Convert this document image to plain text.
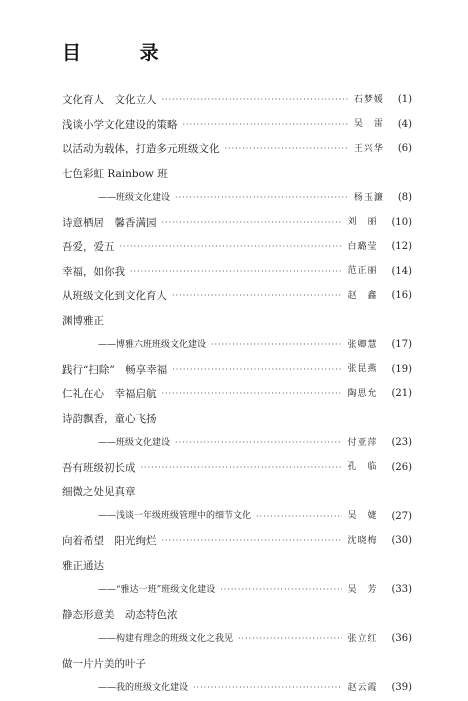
目 录
文化育人　文化立人 ·····	石梦媛	(1)
浅谈小学文化建设的策略 ·····	吴　雷	(4)
以活动为载体，打造多元班级文化 ·····	王兴华	(6)
七色彩虹 Rainbow 班
——班级文化建设 ·····	杨玉濂	(8)
诗意栖居　馨香满园 ·····	刘　丽	(10)
吾爱，爱五 ·····	白璐莹	(12)
幸福，如你我 ·····	范正丽	(14)
从班级文化到文化育人 ·····	赵　鑫	(16)
渊博雅正
——博雅六班班级文化建设 ·····	张卿慧	(17)
践行“扫除”　畅享幸福 ·····	张昆燕	(19)
仁礼在心　幸福启航 ·····	陶思允	(21)
诗韵飘香，童心飞扬
——班级文化建设 ·····	付亚萍	(23)
吾有班级初长成 ·····	孔　临	(26)
细微之处见真章
——浅谈一年级班级管理中的细节文化 ·····	吴　婕	(27)
向着希望　阳光绚烂 ·····	沈晓梅	(30)
雅正通达
——“雅达一班”班级文化建设 ·····	吴　芳	(33)
静态形意美　动态特色浓
——构建有理念的班级文化之我见 ·····	张立红	(36)
做一片片美的叶子
——我的班级文化建设 ·····	赵云霞	(39)
